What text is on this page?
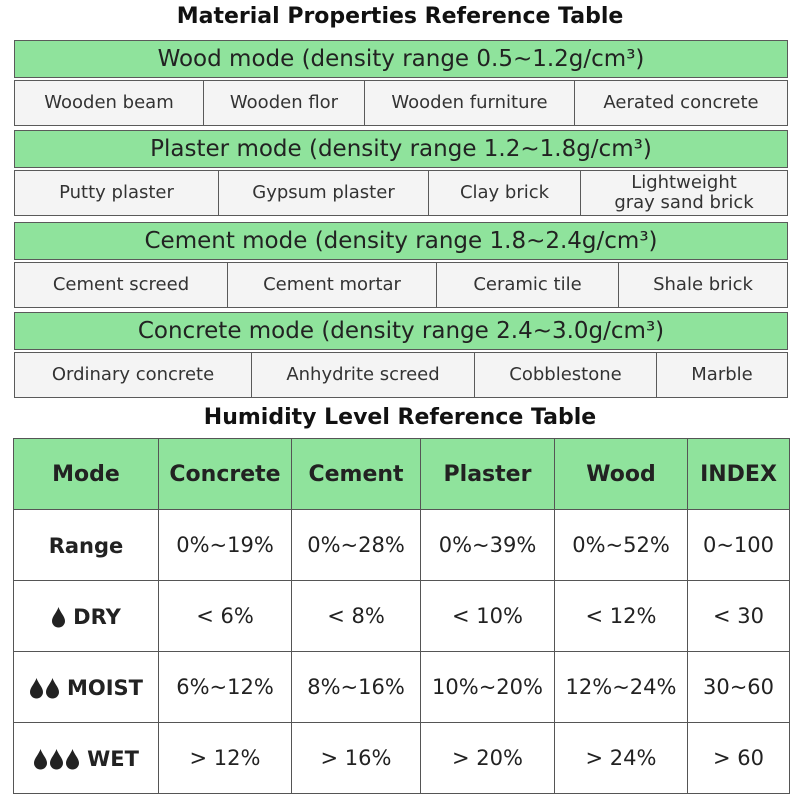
Material Properties Reference Table
Wood mode (density range 0.5~1.2g/cm³)
Wooden beam	Wooden flor	Wooden furniture	Aerated concrete
Plaster mode (density range 1.2~1.8g/cm³)
Putty plaster	Gypsum plaster	Clay brick	Lightweight
gray sand brick
Cement mode (density range 1.8~2.4g/cm³)
Cement screed	Cement mortar	Ceramic tile	Shale brick
Concrete mode (density range 2.4~3.0g/cm³)
Ordinary concrete	Anhydrite screed	Cobblestone	Marble
Humidity Level Reference Table
Mode	Concrete	Cement	Plaster	Wood	INDEX
Range	0%~19%	0%~28%	0%~39%	0%~52%	0~100
DRY	< 6%	< 8%	< 10%	< 12%	< 30
MOIST	6%~12%	8%~16%	10%~20%	12%~24%	30~60
WET	> 12%	> 16%	> 20%	> 24%	> 60
